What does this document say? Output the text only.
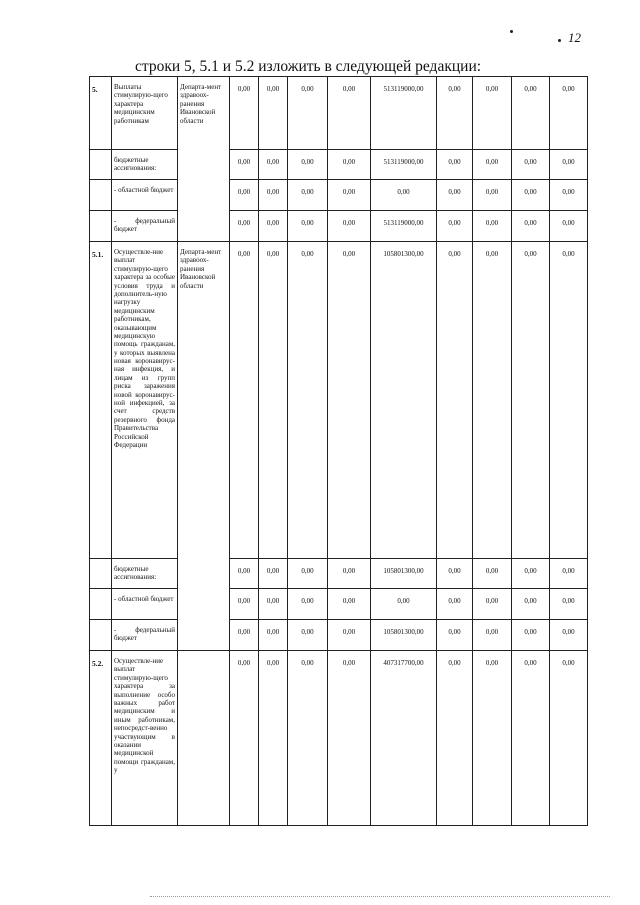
12
строки 5, 5.1 и 5.2 изложить в следующей редакции:
5.	Выплаты стимулирую-щего характера медицинским работникам	Департа-мент здравоох-ранения Ивановской области	0,00	0,00	0,00	0,00	513119000,00	0,00	0,00	0,00	0,00
	бюджетные ассигнования:		0,00	0,00	0,00	0,00	513119000,00	0,00	0,00	0,00	0,00
	- областной бюджет		0,00	0,00	0,00	0,00	0,00	0,00	0,00	0,00	0,00
	- федеральный бюджет		0,00	0,00	0,00	0,00	513119000,00	0,00	0,00	0,00	0,00
5.1.	Осуществле-ние выплат стимулирую-щего характера за особые условия труда и дополнитель-ную нагрузку медицинским работникам, оказывающим медицинскую помощь гражданам, у которых выявлена новая коронавирус-ная инфекция, и лицам из групп риска заражения новой коронавирус-ной инфекцией, за счет средств резервного фонда Правительства Российской Федерации	Департа-мент здравоох-ранения Ивановской области	0,00	0,00	0,00	0,00	105801300,00	0,00	0,00	0,00	0,00
	бюджетные ассигнования:		0,00	0,00	0,00	0,00	105801300,00	0,00	0,00	0,00	0,00
	- областной бюджет		0,00	0,00	0,00	0,00	0,00	0,00	0,00	0,00	0,00
	- федеральный бюджет		0,00	0,00	0,00	0,00	105801300,00	0,00	0,00	0,00	0,00
5.2.	Осуществле-ние выплат стимулирую-щего характера за выполнение особо важных работ медицинским и иным работникам, непосредст-венно участвующим в оказании медицинской помощи гражданам, у		0,00	0,00	0,00	0,00	407317700,00	0,00	0,00	0,00	0,00
